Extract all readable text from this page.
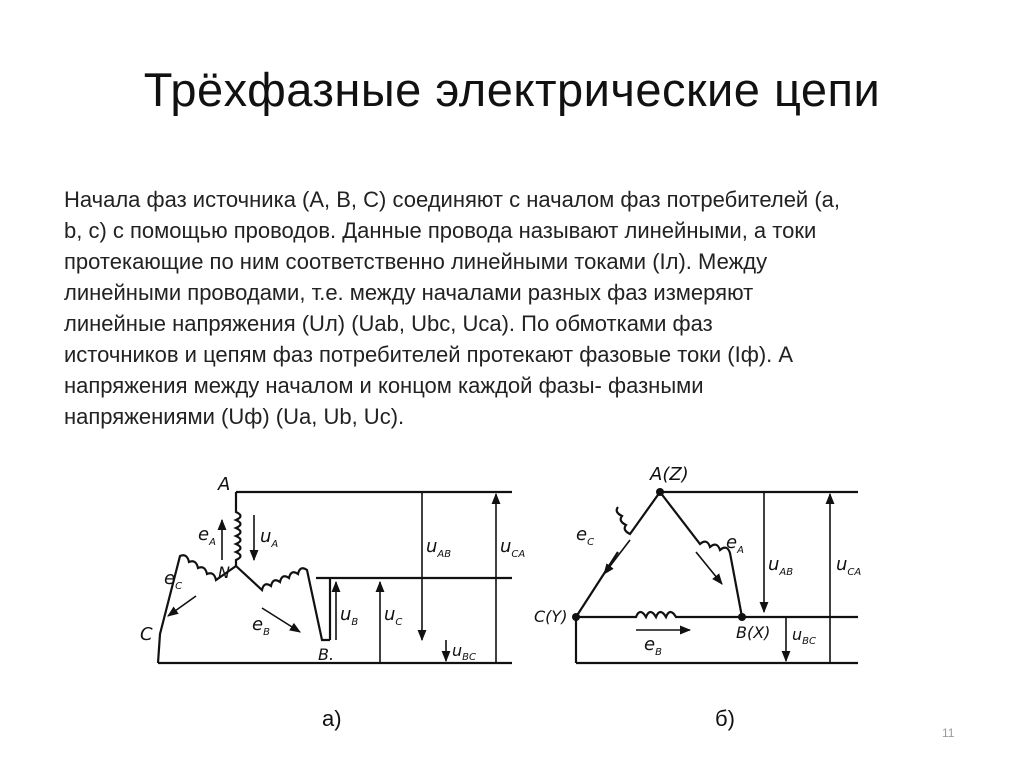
Трёхфазные электрические цепи
Начала фаз источника (A, B, C) соединяют с началом фаз потребителей (a,
b, c) с помощью проводов. Данные провода называют линейными, а токи
протекающие по ним соответственно линейными токами (Iл). Между
линейными проводами, т.е. между началами разных фаз измеряют
линейные напряжения (Uл) (Uab, Ubc, Uca). По обмотками фаз
источников и цепям фаз потребителей протекают фазовые токи (Iф). А
напряжения между началом и концом каждой фазы- фазными
напряжениями (Uф) (Ua, Ub, Uc).
A
N
C
B.
$e_A$ $u_A$
$e_C$
$e_B$
$u_{AB}$	$u_{CA}$
$u_B$ $u_C$
$u_{BC}$
A(Z)
C(Y)
B(X)
$e_C$	$e_A$
$e_B$
$u_{AB}$ $u_{CA}$
$u_{BC}$
а)	б)
11
